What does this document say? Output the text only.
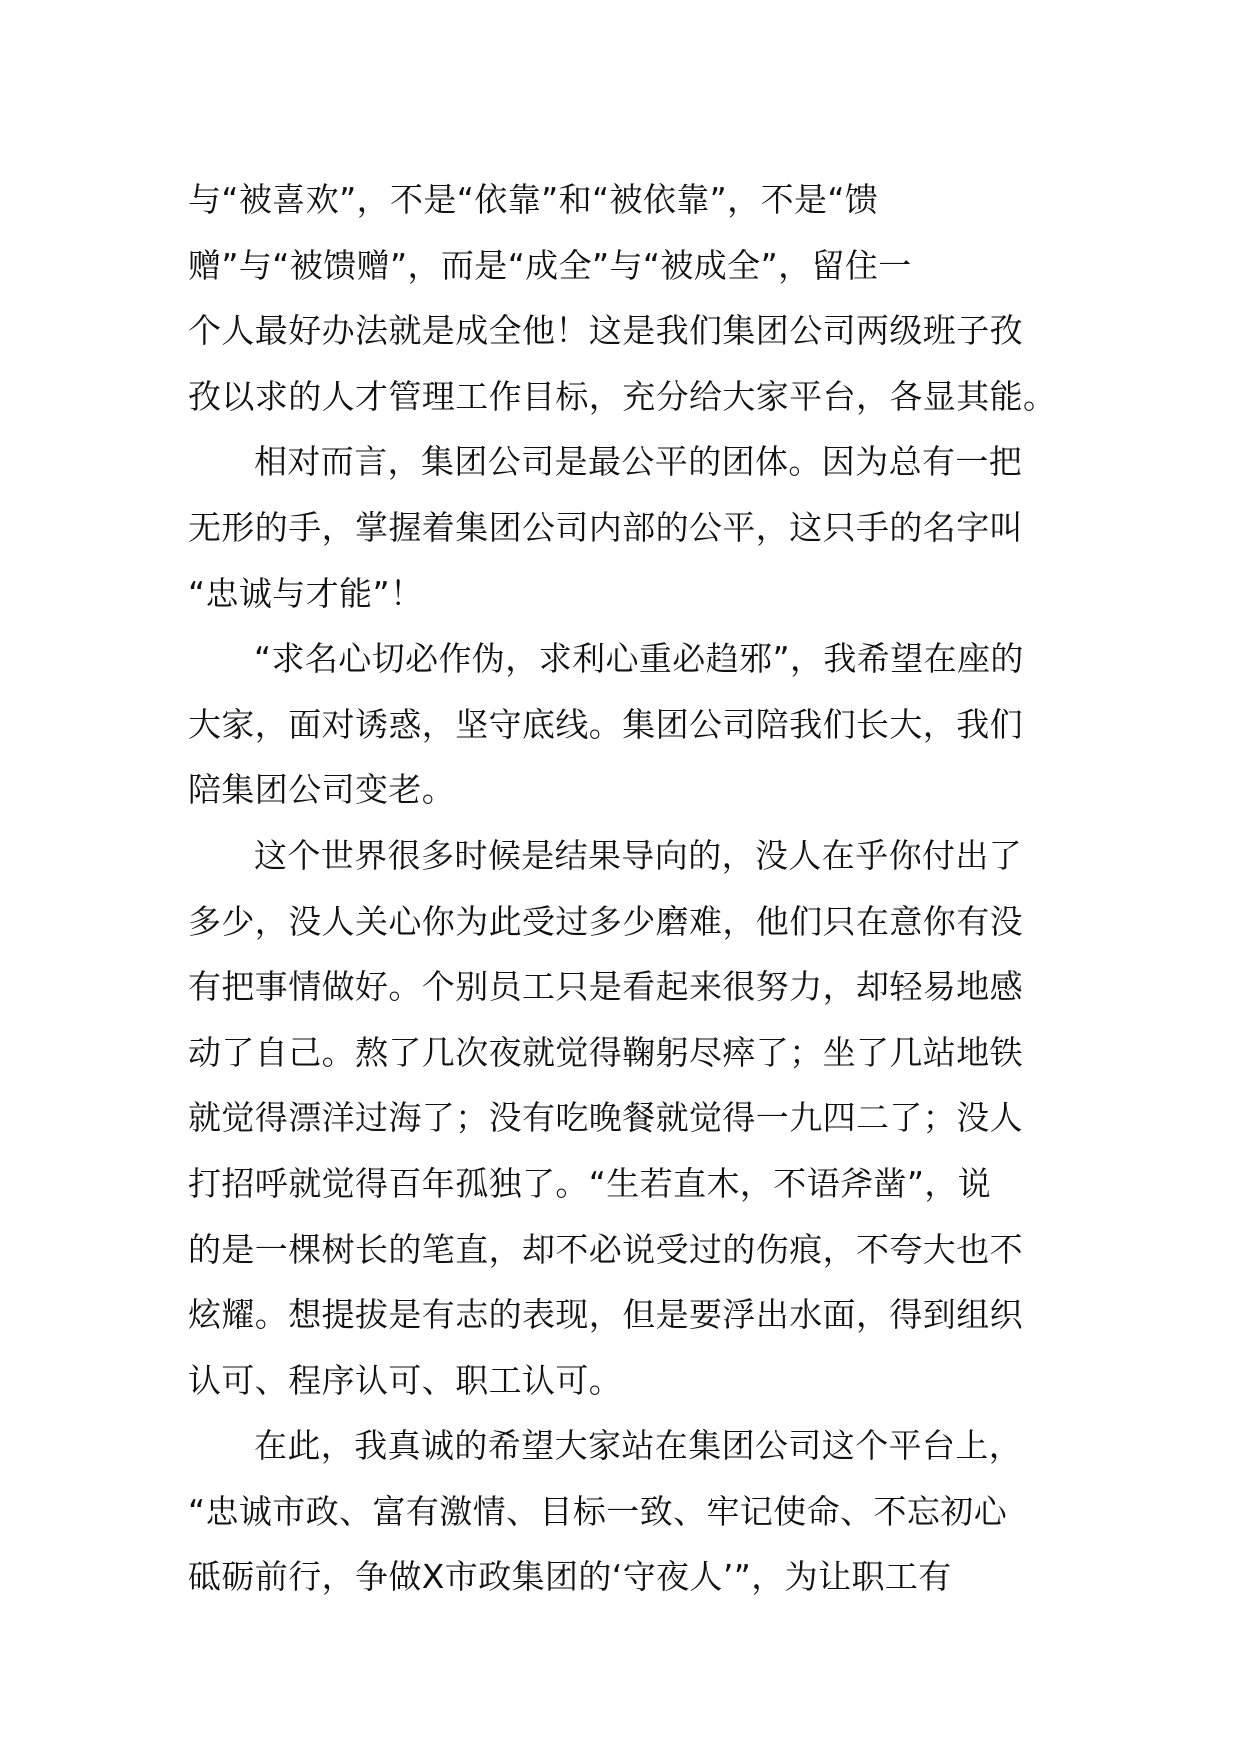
与“被喜欢”，不是“依靠”和“被依靠”，不是“馈
赠”与“被馈赠”，而是“成全”与“被成全”，留住一
个人最好办法就是成全他！这是我们集团公司两级班子孜
孜以求的人才管理工作目标，充分给大家平台，各显其能。
相对而言，集团公司是最公平的团体。因为总有一把
无形的手，掌握着集团公司内部的公平，这只手的名字叫
“忠诚与才能”！
“求名心切必作伪，求利心重必趋邪”，我希望在座的
大家，面对诱惑，坚守底线。集团公司陪我们长大，我们
陪集团公司变老。
这个世界很多时候是结果导向的，没人在乎你付出了
多少，没人关心你为此受过多少磨难，他们只在意你有没
有把事情做好。个别员工只是看起来很努力，却轻易地感
动了自己。熬了几次夜就觉得鞠躬尽瘁了；坐了几站地铁
就觉得漂洋过海了；没有吃晚餐就觉得一九四二了；没人
打招呼就觉得百年孤独了。“生若直木，不语斧凿”，说
的是一棵树长的笔直，却不必说受过的伤痕，不夸大也不
炫耀。想提拔是有志的表现，但是要浮出水面，得到组织
认可、程序认可、职工认可。
在此，我真诚的希望大家站在集团公司这个平台上，
“忠诚市政、富有激情、目标一致、牢记使命、不忘初心
砥砺前行，争做X市政集团的‘守夜人’”，为让职工有
